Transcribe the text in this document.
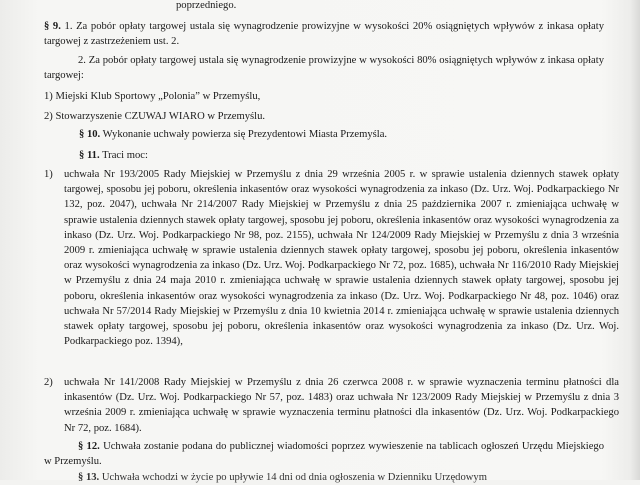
poprzedniego.

§ 9. 1. Za pobór opłaty targowej ustala się wynagrodzenie prowizyjne w wysokości 20% osiągniętych wpływów z inkasa opłaty targowej z zastrzeżeniem ust. 2.

2. Za pobór opłaty targowej ustala się wynagrodzenie prowizyjne w wysokości 80% osiągniętych wpływów z inkasa opłaty targowej:

1) Miejski Klub Sportowy „Polonia” w Przemyślu,

2) Stowarzyszenie CZUWAJ WIARO w Przemyślu.

§ 10. Wykonanie uchwały powierza się Prezydentowi Miasta Przemyśla.

§ 11. Traci moc:

1) uchwała Nr 193/2005 Rady Miejskiej w Przemyślu z dnia 29 września 2005 r. w sprawie ustalenia dziennych stawek opłaty targowej, sposobu jej poboru, określenia inkasentów oraz wysokości wynagrodzenia za inkaso (Dz. Urz. Woj. Podkarpackiego Nr 132, poz. 2047), uchwała Nr 214/2007 Rady Miejskiej w Przemyślu z dnia 25 października 2007 r. zmieniająca uchwałę w sprawie ustalenia dziennych stawek opłaty targowej, sposobu jej poboru, określenia inkasentów oraz wysokości wynagrodzenia za inkaso (Dz. Urz. Woj. Podkarpackiego Nr 98, poz. 2155), uchwała Nr 124/2009 Rady Miejskiej w Przemyślu z dnia 3 września 2009 r. zmieniająca uchwałę w sprawie ustalenia dziennych stawek opłaty targowej, sposobu jej poboru, określenia inkasentów oraz wysokości wynagrodzenia za inkaso (Dz. Urz. Woj. Podkarpackiego Nr 72, poz. 1685), uchwała Nr 116/2010 Rady Miejskiej w Przemyślu z dnia 24 maja 2010 r. zmieniająca uchwałę w sprawie ustalenia dziennych stawek opłaty targowej, sposobu jej poboru, określenia inkasentów oraz wysokości wynagrodzenia za inkaso (Dz. Urz. Woj. Podkarpackiego Nr 48, poz. 1046) oraz uchwała Nr 57/2014 Rady Miejskiej w Przemyślu z dnia 10 kwietnia 2014 r. zmieniająca uchwałę w sprawie ustalenia dziennych stawek opłaty targowej, sposobu jej poboru, określenia inkasentów oraz wysokości wynagrodzenia za inkaso (Dz. Urz. Woj. Podkarpackiego poz. 1394),

2) uchwała Nr 141/2008 Rady Miejskiej w Przemyślu z dnia 26 czerwca 2008 r. w sprawie wyznaczenia terminu płatności dla inkasentów (Dz. Urz. Woj. Podkarpackiego Nr 57, poz. 1483) oraz uchwała Nr 123/2009 Rady Miejskiej w Przemyślu z dnia 3 września 2009 r. zmieniająca uchwałę w sprawie wyznaczenia terminu płatności dla inkasentów (Dz. Urz. Woj. Podkarpackiego Nr 72, poz. 1684).

§ 12. Uchwała zostanie podana do publicznej wiadomości poprzez wywieszenie na tablicach ogłoszeń Urzędu Miejskiego w Przemyślu.

§ 13. Uchwała wchodzi w życie po upływie 14 dni od dnia ogłoszenia w Dzienniku Urzędowym
